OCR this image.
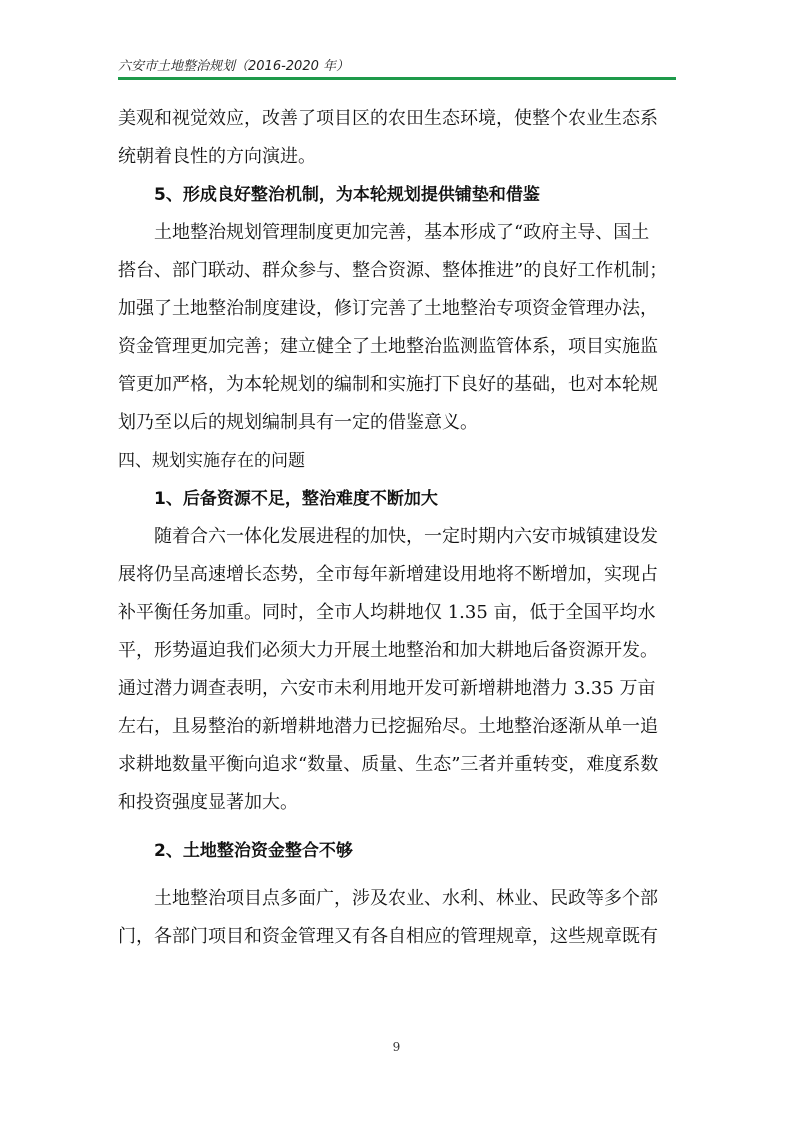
六安市土地整治规划（2016-2020 年）
美观和视觉效应，改善了项目区的农田生态环境，使整个农业生态系
统朝着良性的方向演进。
5、形成良好整治机制，为本轮规划提供铺垫和借鉴
土地整治规划管理制度更加完善，基本形成了“政府主导、国土
搭台、部门联动、群众参与、整合资源、整体推进”的良好工作机制；
加强了土地整治制度建设，修订完善了土地整治专项资金管理办法，
资金管理更加完善；建立健全了土地整治监测监管体系，项目实施监
管更加严格，为本轮规划的编制和实施打下良好的基础，也对本轮规
划乃至以后的规划编制具有一定的借鉴意义。
四、规划实施存在的问题
1、后备资源不足，整治难度不断加大
随着合六一体化发展进程的加快，一定时期内六安市城镇建设发
展将仍呈高速增长态势，全市每年新增建设用地将不断增加，实现占
补平衡任务加重。同时，全市人均耕地仅 1.35 亩，低于全国平均水
平，形势逼迫我们必须大力开展土地整治和加大耕地后备资源开发。
通过潜力调查表明，六安市未利用地开发可新增耕地潜力 3.35 万亩
左右，且易整治的新增耕地潜力已挖掘殆尽。土地整治逐渐从单一追
求耕地数量平衡向追求“数量、质量、生态”三者并重转变，难度系数
和投资强度显著加大。
2、土地整治资金整合不够
土地整治项目点多面广，涉及农业、水利、林业、民政等多个部
门，各部门项目和资金管理又有各自相应的管理规章，这些规章既有
9
